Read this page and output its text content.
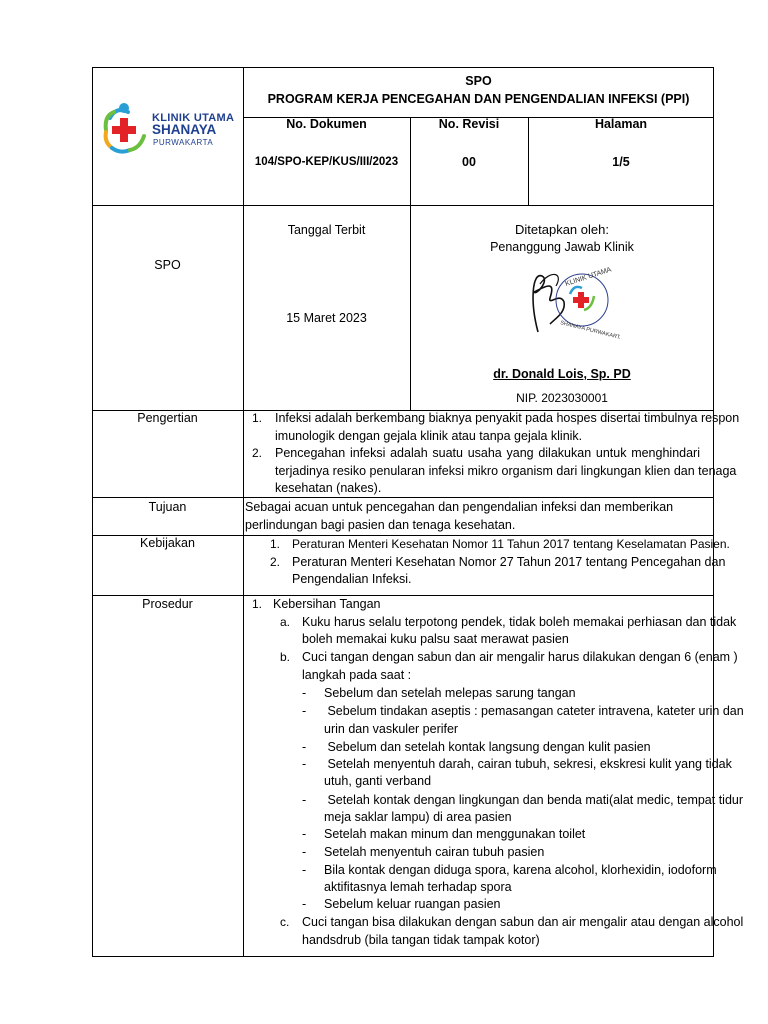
KLINIK UTAMA
SHANAYA
PURWAKARTA
SPO
PROGRAM KERJA PENCEGAHAN DAN PENGENDALIAN INFEKSI (PPI)
No. Dokumen	No. Revisi	Halaman
104/SPO-KEP/KUS/III/2023	00	1/5
SPO
Tanggal Terbit
15 Maret 2023
Ditetapkan oleh:
Penanggung Jawab Klinik
KLINIK UTAMA
SHANAYA PURWAKARTA
dr. Donald Lois, Sp. PD
NIP. 2023030001
Pengertian	1. Infeksi adalah berkembang biaknya penyakit pada hospes disertai timbulnya respon
imunologik dengan gejala klinik atau tanpa gejala klinik.
2. Pencegahan infeksi adalah suatu usaha yang dilakukan untuk menghindari
terjadinya resiko penularan infeksi mikro organism dari lingkungan klien dan tenaga
kesehatan (nakes).
Tujuan	Sebagai acuan untuk pencegahan dan pengendalian infeksi dan memberikan
perlindungan bagi pasien dan tenaga kesehatan.
Kebijakan	1. Peraturan Menteri Kesehatan Nomor 11 Tahun 2017 tentang Keselamatan Pasien.
2. Peraturan Menteri Kesehatan Nomor 27 Tahun 2017 tentang Pencegahan dan
Pengendalian Infeksi.
Prosedur	1. Kebersihan Tangan
a. Kuku harus selalu terpotong pendek, tidak boleh memakai perhiasan dan tidak
boleh memakai kuku palsu saat merawat pasien
b. Cuci tangan dengan sabun dan air mengalir harus dilakukan dengan 6 (enam )
langkah pada saat :
- Sebelum dan setelah melepas sarung tangan
- Sebelum tindakan aseptis : pemasangan cateter intravena, kateter urin dan
urin dan vaskuler perifer
- Sebelum dan setelah kontak langsung dengan kulit pasien
- Setelah menyentuh darah, cairan tubuh, sekresi, ekskresi kulit yang tidak
utuh, ganti verband
- Setelah kontak dengan lingkungan dan benda mati(alat medic, tempat tidur
meja saklar lampu) di area pasien
- Setelah makan minum dan menggunakan toilet
- Setelah menyentuh cairan tubuh pasien
- Bila kontak dengan diduga spora, karena alcohol, klorhexidin, iodoform
aktifitasnya lemah terhadap spora
- Sebelum keluar ruangan pasien
c. Cuci tangan bisa dilakukan dengan sabun dan air mengalir atau dengan alcohol
handsdrub (bila tangan tidak tampak kotor)
